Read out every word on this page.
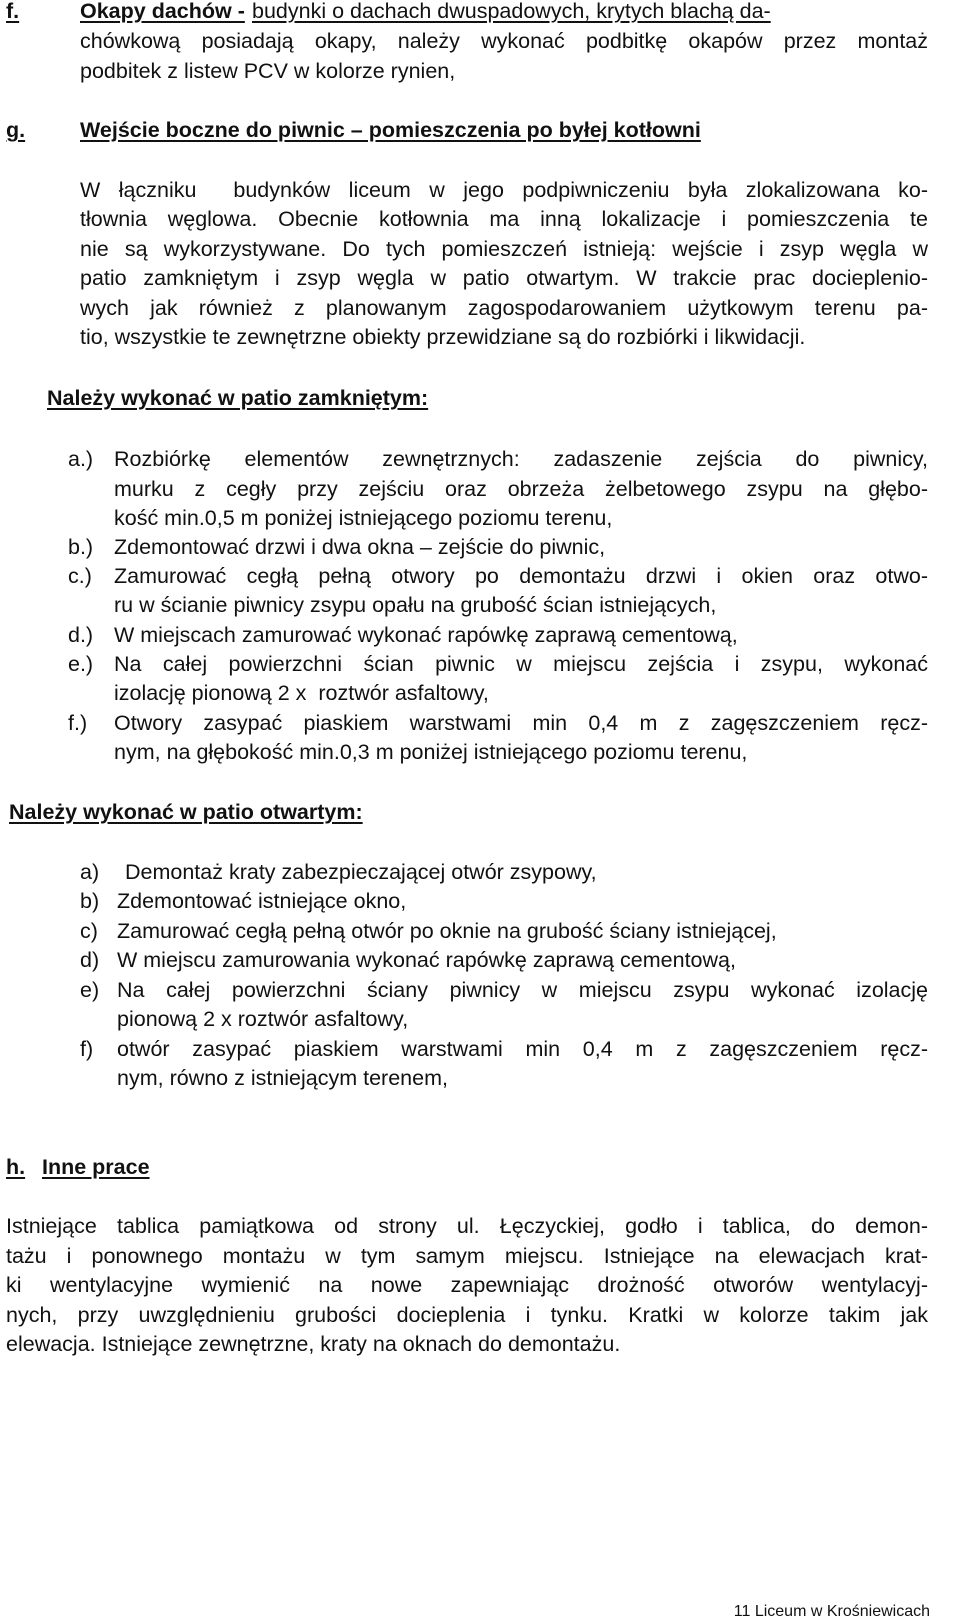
f.	Okapy dachów - budynki o dachach dwuspadowych, krytych blachą da-
chówkową posiadają okapy, należy wykonać podbitkę okapów przez montaż
podbitek z listew PCV w kolorze rynien,
g.	Wejście boczne do piwnic – pomieszczenia po byłej kotłowni
W łączniku  budynków liceum w jego podpiwniczeniu była zlokalizowana ko-
tłownia węglowa. Obecnie kotłownia ma inną lokalizacje i pomieszczenia te
nie są wykorzystywane. Do tych pomieszczeń istnieją: wejście i zsyp węgla w
patio zamkniętym i zsyp węgla w patio otwartym. W trakcie prac docieplenio-
wych jak również z planowanym zagospodarowaniem użytkowym terenu pa-
tio, wszystkie te zewnętrzne obiekty przewidziane są do rozbiórki i likwidacji.
Należy wykonać w patio zamkniętym:
a.) Rozbiórkę elementów zewnętrznych: zadaszenie zejścia do piwnicy,
murku z cegły przy zejściu oraz obrzeża żelbetowego zsypu na głębo-
kość min.0,5 m poniżej istniejącego poziomu terenu,
b.) Zdemontować drzwi i dwa okna – zejście do piwnic,
c.) Zamurować cegłą pełną otwory po demontażu drzwi i okien oraz otwo-
ru w ścianie piwnicy zsypu opału na grubość ścian istniejących,
d.) W miejscach zamurować wykonać rapówkę zaprawą cementową,
e.) Na całej powierzchni ścian piwnic w miejscu zejścia i zsypu, wykonać
izolację pionową 2 x  roztwór asfaltowy,
f.) Otwory zasypać piaskiem warstwami min 0,4 m z zagęszczeniem ręcz-
nym, na głębokość min.0,3 m poniżej istniejącego poziomu terenu,
Należy wykonać w patio otwartym:
a) Demontaż kraty zabezpieczającej otwór zsypowy,
b) Zdemontować istniejące okno,
c) Zamurować cegłą pełną otwór po oknie na grubość ściany istniejącej,
d) W miejscu zamurowania wykonać rapówkę zaprawą cementową,
e) Na całej powierzchni ściany piwnicy w miejscu zsypu wykonać izolację
pionową 2 x roztwór asfaltowy,
f) otwór zasypać piaskiem warstwami min 0,4 m z zagęszczeniem ręcz-
nym, równo z istniejącym terenem,
h. Inne prace
Istniejące tablica pamiątkowa od strony ul. Łęczyckiej, godło i tablica, do demon-
tażu i ponownego montażu w tym samym miejscu. Istniejące na elewacjach krat-
ki wentylacyjne wymienić na nowe zapewniając drożność otworów wentylacyj-
nych, przy uwzględnieniu grubości docieplenia i tynku. Kratki w kolorze takim jak
elewacja. Istniejące zewnętrzne, kraty na oknach do demontażu.
11 Liceum w Krośniewicach
